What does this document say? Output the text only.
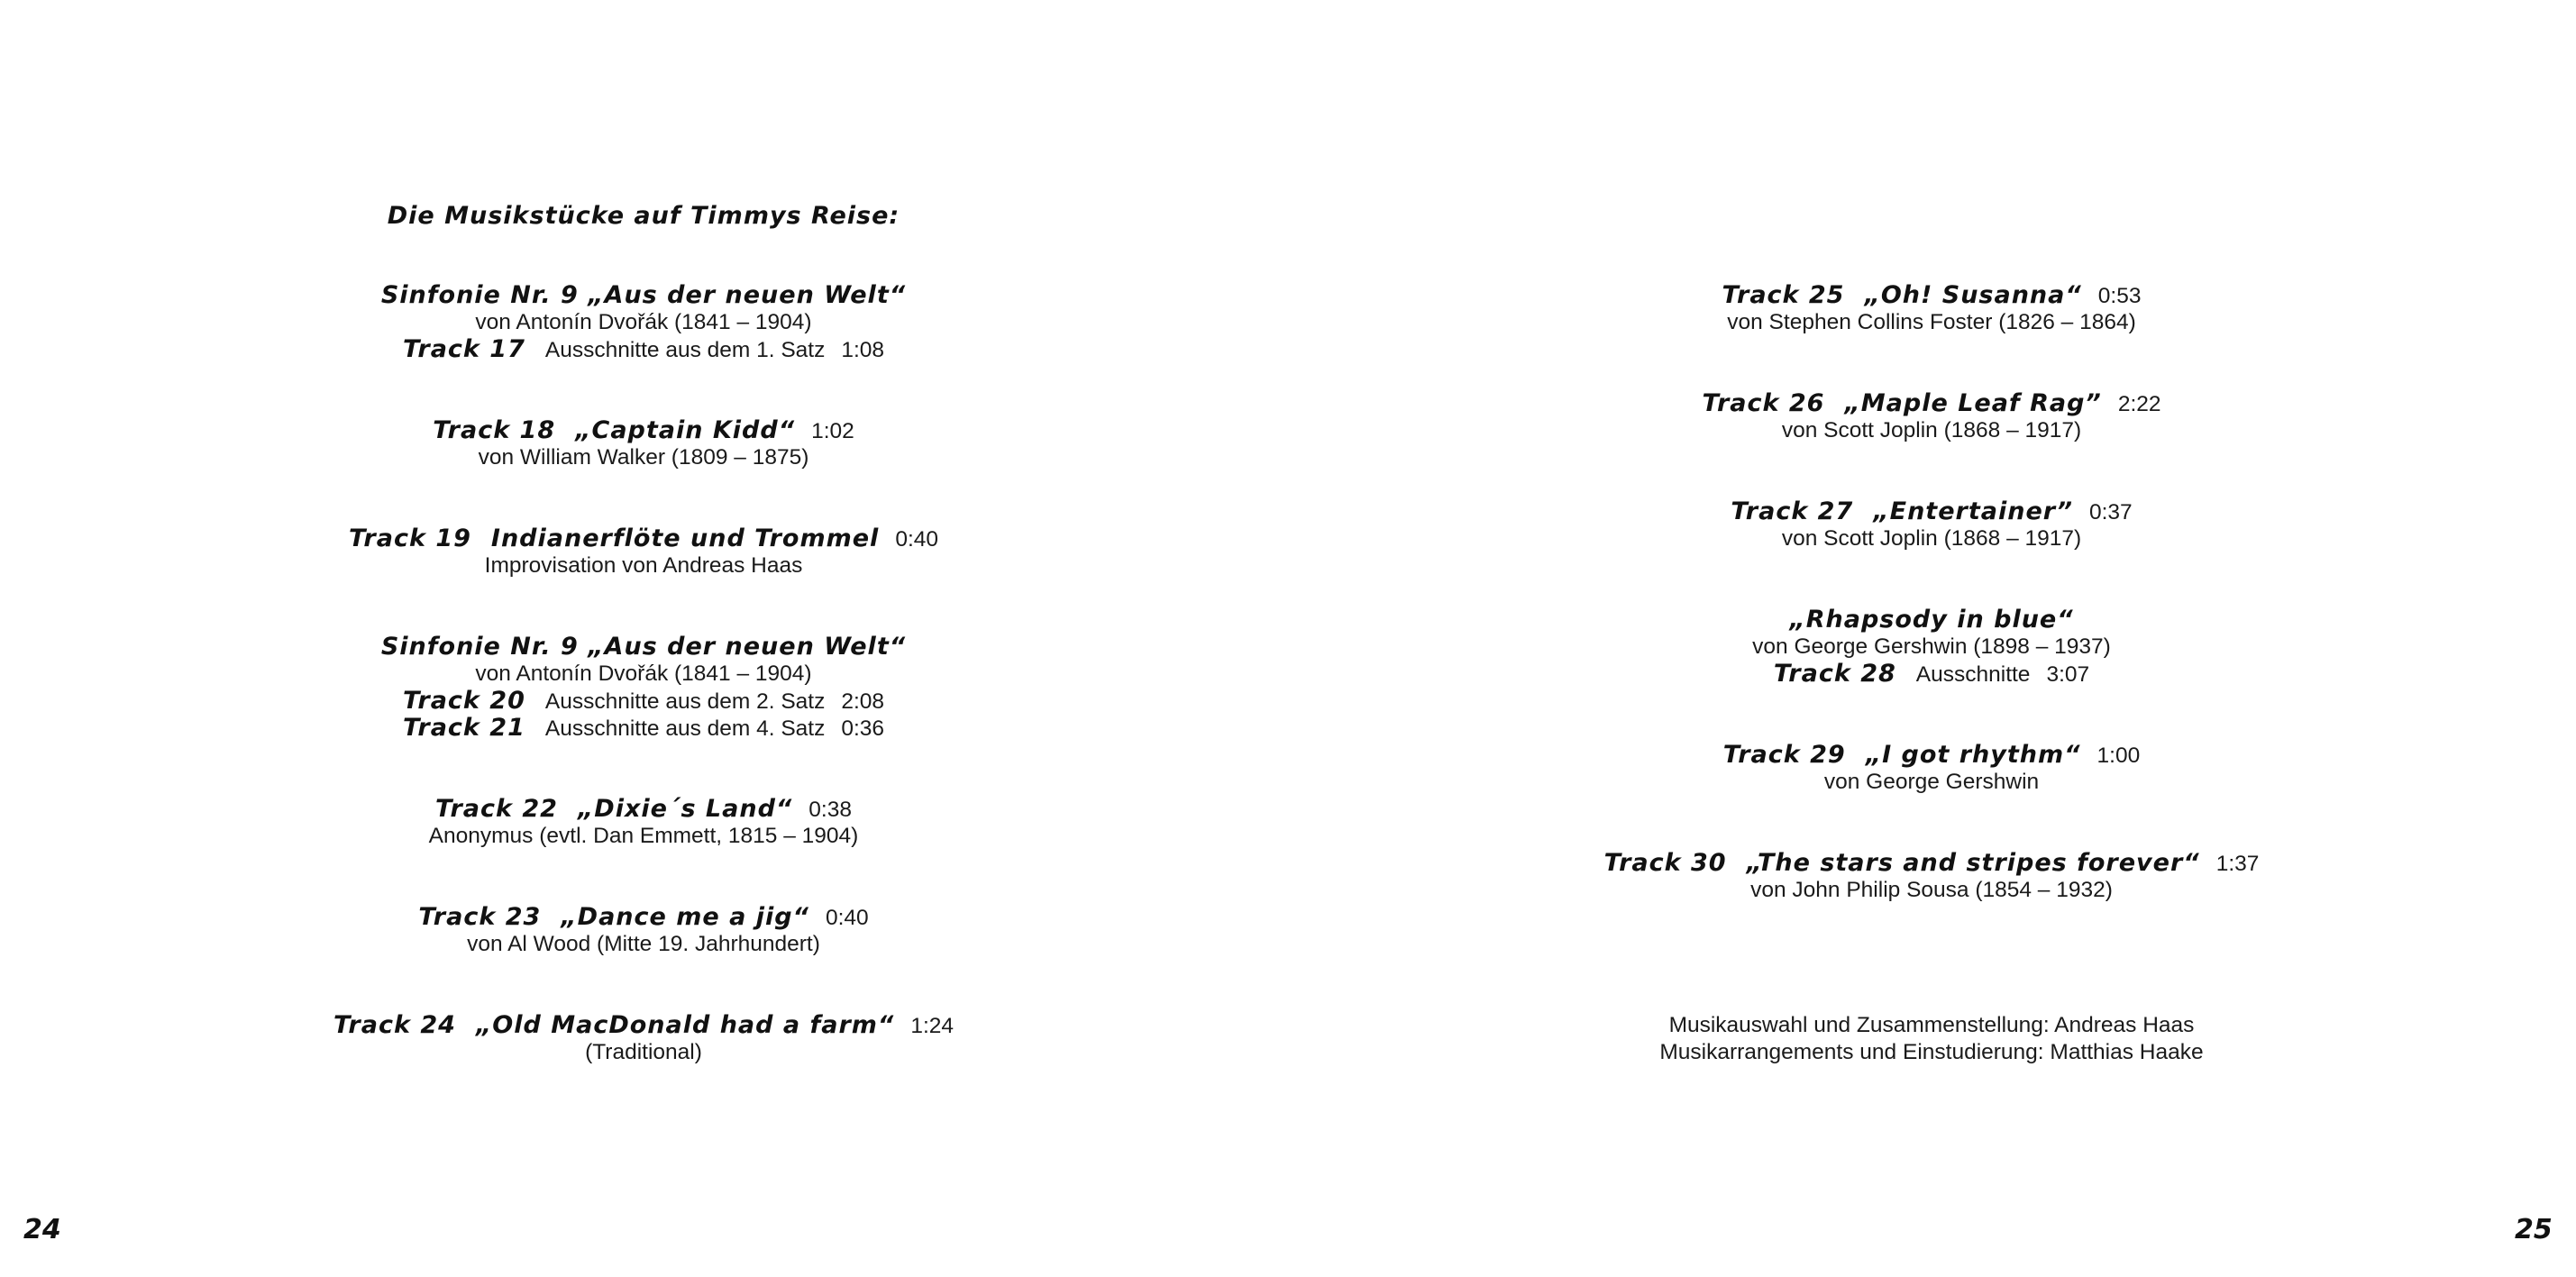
Die Musikstücke auf Timmys Reise:
Sinfonie Nr. 9 „Aus der neuen Welt“
von Antonín Dvořák (1841 – 1904)
Track 17 Ausschnitte aus dem 1. Satz 1:08
Track 18 „Captain Kidd“ 1:02
von William Walker (1809 – 1875)
Track 19 Indianerflöte und Trommel 0:40
Improvisation von Andreas Haas
Sinfonie Nr. 9 „Aus der neuen Welt“
von Antonín Dvořák (1841 – 1904)
Track 20 Ausschnitte aus dem 2. Satz 2:08
Track 21 Ausschnitte aus dem 4. Satz 0:36
Track 22 „Dixie´s Land“ 0:38
Anonymus (evtl. Dan Emmett, 1815 – 1904)
Track 23 „Dance me a jig“ 0:40
von Al Wood (Mitte 19. Jahrhundert)
Track 24 „Old MacDonald had a farm“ 1:24
(Traditional)
24
Track 25 „Oh! Susanna“ 0:53
von Stephen Collins Foster (1826 – 1864)
Track 26 „Maple Leaf Rag” 2:22
von Scott Joplin (1868 – 1917)
Track 27 „Entertainer” 0:37
von Scott Joplin (1868 – 1917)
„Rhapsody in blue“
von George Gershwin (1898 – 1937)
Track 28 Ausschnitte 3:07
Track 29 „I got rhythm“ 1:00
von George Gershwin
Track 30 „The stars and stripes forever“ 1:37
von John Philip Sousa (1854 – 1932)
Musikauswahl und Zusammenstellung: Andreas Haas
Musikarrangements und Einstudierung: Matthias Haake
25
